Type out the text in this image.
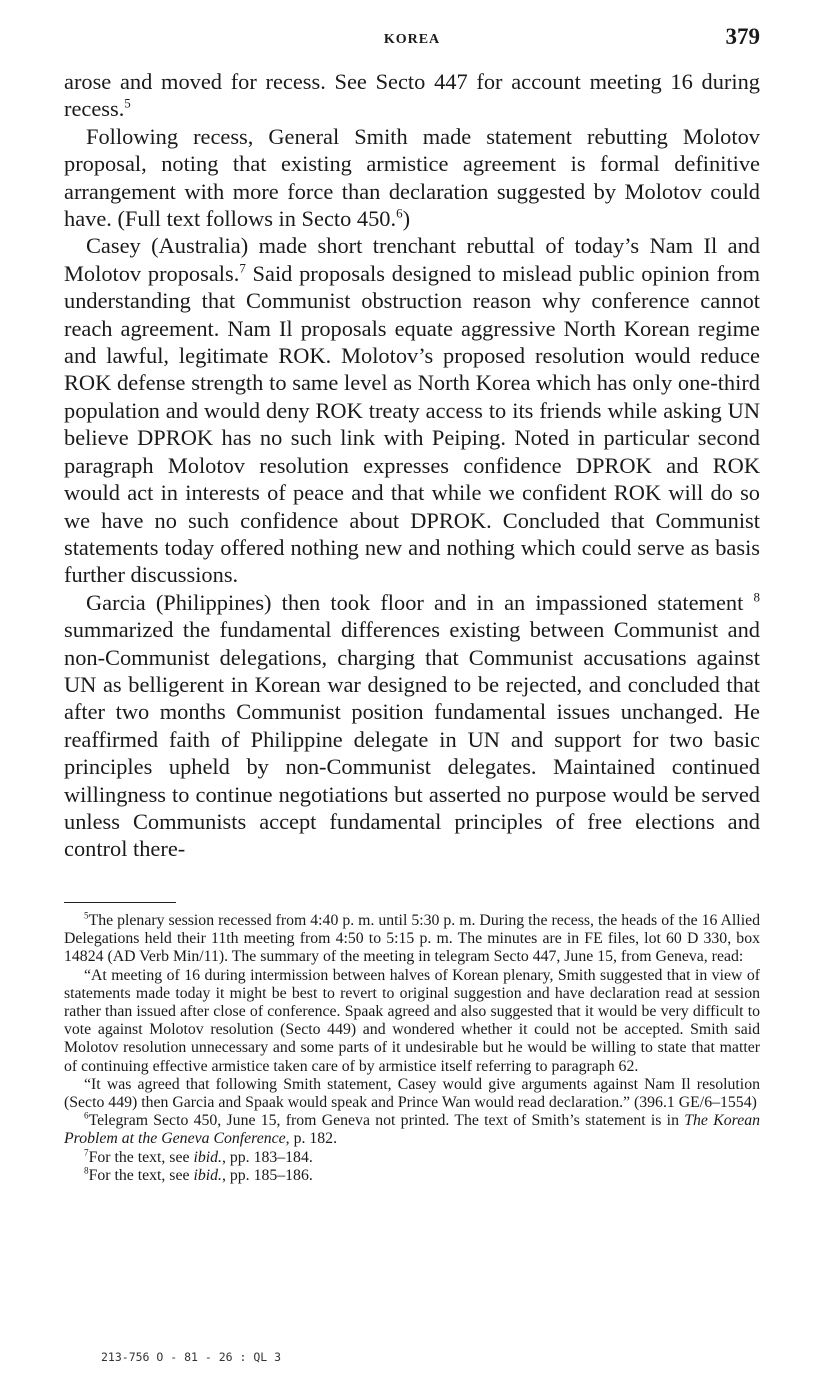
KOREA	379

arose and moved for recess. See Secto 447 for account meeting 16 during recess.$^5$

Following recess, General Smith made statement rebutting Molotov proposal, noting that existing armistice agreement is formal definitive arrangement with more force than declaration suggested by Molotov could have. (Full text follows in Secto 450.$^6$)

Casey (Australia) made short trenchant rebuttal of today’s Nam Il and Molotov proposals.$^7$ Said proposals designed to mislead public opinion from understanding that Communist obstruction reason why conference cannot reach agreement. Nam Il proposals equate aggressive North Korean regime and lawful, legitimate ROK. Molotov’s proposed resolution would reduce ROK defense strength to same level as North Korea which has only one-third population and would deny ROK treaty access to its friends while asking UN believe DPROK has no such link with Peiping. Noted in particular second paragraph Molotov resolution expresses confidence DPROK and ROK would act in interests of peace and that while we confident ROK will do so we have no such confidence about DPROK. Concluded that Communist statements today offered nothing new and nothing which could serve as basis further discussions.

Garcia (Philippines) then took floor and in an impassioned statement $^8$ summarized the fundamental differences existing between Communist and non-Communist delegations, charging that Communist accusations against UN as belligerent in Korean war designed to be rejected, and concluded that after two months Communist position fundamental issues unchanged. He reaffirmed faith of Philippine delegate in UN and support for two basic principles upheld by non-Communist delegates. Maintained continued willingness to continue negotiations but asserted no purpose would be served unless Communists accept fundamental principles of free elections and control there-

$^5$The plenary session recessed from 4:40 p. m. until 5:30 p. m. During the recess, the heads of the 16 Allied Delegations held their 11th meeting from 4:50 to 5:15 p. m. The minutes are in FE files, lot 60 D 330, box 14824 (AD Verb Min/11). The summary of the meeting in telegram Secto 447, June 15, from Geneva, read:

“At meeting of 16 during intermission between halves of Korean plenary, Smith suggested that in view of statements made today it might be best to revert to original suggestion and have declaration read at session rather than issued after close of conference. Spaak agreed and also suggested that it would be very difficult to vote against Molotov resolution (Secto 449) and wondered whether it could not be accepted. Smith said Molotov resolution unnecessary and some parts of it undesirable but he would be willing to state that matter of continuing effective armistice taken care of by armistice itself referring to paragraph 62.

“It was agreed that following Smith statement, Casey would give arguments against Nam Il resolution (Secto 449) then Garcia and Spaak would speak and Prince Wan would read declaration.” (396.1 GE/6–1554)

$^6$Telegram Secto 450, June 15, from Geneva not printed. The text of Smith’s statement is in The Korean Problem at the Geneva Conference, p. 182.

$^7$For the text, see ibid., pp. 183–184.

$^8$For the text, see ibid., pp. 185–186.

213-756 O - 81 - 26 : QL 3
